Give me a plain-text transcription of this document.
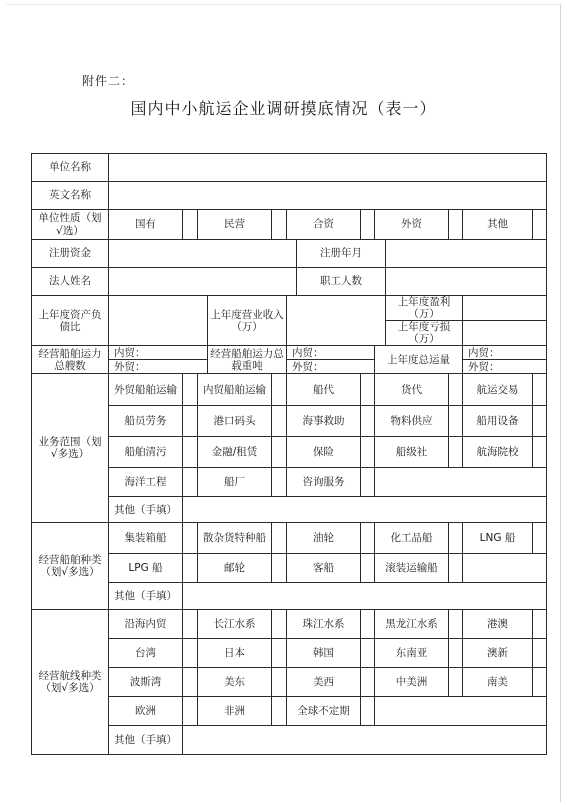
附件二：
国内中小航运企业调研摸底情况（表一）
单位名称													
英文名称													
单位性质（划√选）	国有		民营			合资			外资			其他	
注册资金							注册年月						
法人姓名							职工人数						
上年度资产负债比				上年度营业收入（万）						上年度盈利（万）			
										上年度亏损（万）			
经营船舶运力总艘数	内贸：			经营船舶运力总载重吨		内贸：			上年度总运量			内贸：	
	外贸：					外贸：						外贸：	
业务范围（划√多选）	外贸船舶运输		内贸船舶运输			船代			货代			航运交易	
	船员劳务		港口码头			海事救助			物料供应			船用设备	
	船舶清污		金融/租赁			保险			船级社			航海院校	
	海洋工程		船厂			咨询服务							
	其他（手填）												
经营船舶种类（划√多选）	集装箱船		散杂货特种船			油轮			化工品船			LNG 船	
	LPG 船		邮轮			客船			滚装运输船				
	其他（手填）												
经营航线种类（划√多选）	沿海内贸		长江水系			珠江水系			黑龙江水系			港澳	
	台湾		日本			韩国			东南亚			澳新	
	波斯湾		美东			美西			中美洲			南美	
	欧洲		非洲			全球不定期							
	其他（手填）												
